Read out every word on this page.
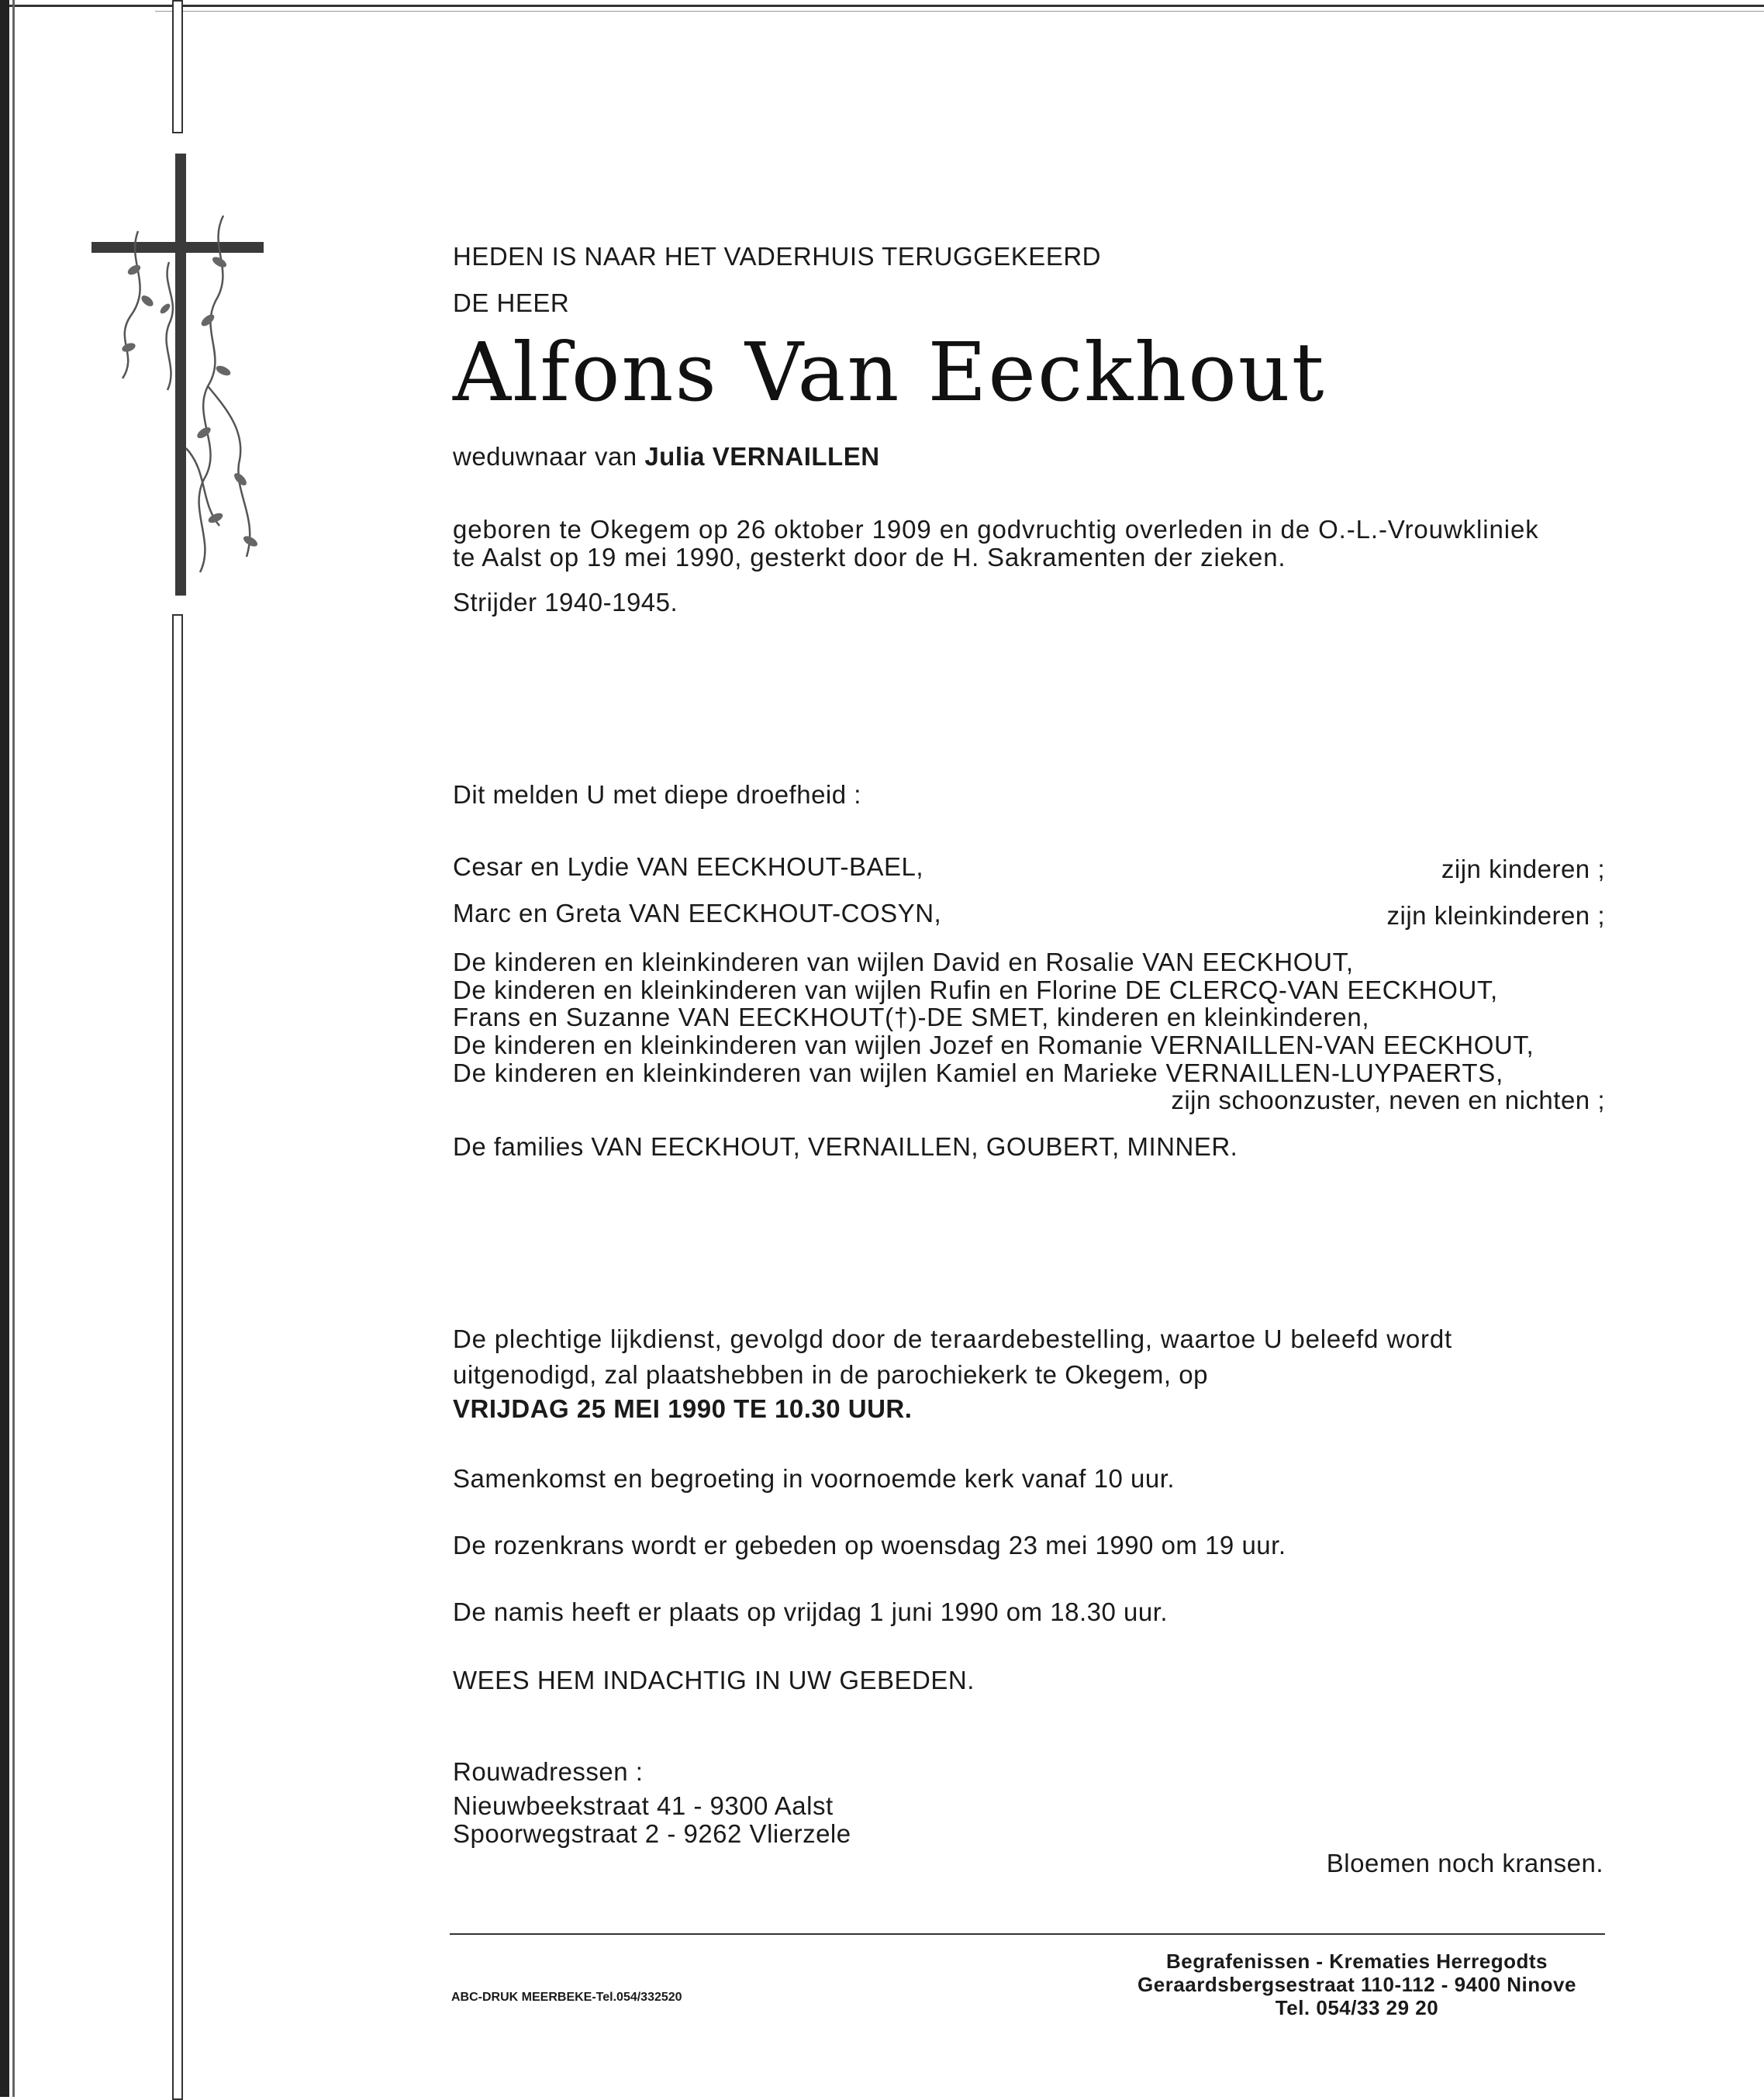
HEDEN IS NAAR HET VADERHUIS TERUGGEKEERD
DE HEER
Alfons Van Eeckhout
weduwnaar van Julia VERNAILLEN
geboren te Okegem op 26 oktober 1909 en godvruchtig overleden in de O.-L.-Vrouwkliniek
te Aalst op 19 mei 1990, gesterkt door de H. Sakramenten der zieken.
Strijder 1940-1945.
Dit melden U met diepe droefheid :
Cesar en Lydie VAN EECKHOUT-BAEL,	zijn kinderen ;
Marc en Greta VAN EECKHOUT-COSYN,	zijn kleinkinderen ;
De kinderen en kleinkinderen van wijlen David en Rosalie VAN EECKHOUT,
De kinderen en kleinkinderen van wijlen Rufin en Florine DE CLERCQ-VAN EECKHOUT,
Frans en Suzanne VAN EECKHOUT(†)-DE SMET, kinderen en kleinkinderen,
De kinderen en kleinkinderen van wijlen Jozef en Romanie VERNAILLEN-VAN EECKHOUT,
De kinderen en kleinkinderen van wijlen Kamiel en Marieke VERNAILLEN-LUYPAERTS,
zijn schoonzuster, neven en nichten ;
De families VAN EECKHOUT, VERNAILLEN, GOUBERT, MINNER.
De plechtige lijkdienst, gevolgd door de teraardebestelling, waartoe U beleefd wordt
uitgenodigd, zal plaatshebben in de parochiekerk te Okegem, op
VRIJDAG 25 MEI 1990 TE 10.30 UUR.
Samenkomst en begroeting in voornoemde kerk vanaf 10 uur.
De rozenkrans wordt er gebeden op woensdag 23 mei 1990 om 19 uur.
De namis heeft er plaats op vrijdag 1 juni 1990 om 18.30 uur.
WEES HEM INDACHTIG IN UW GEBEDEN.
Rouwadressen :
Nieuwbeekstraat 41 - 9300 Aalst
Spoorwegstraat 2 - 9262 Vlierzele
Bloemen noch kransen.
ABC-DRUK MEERBEKE-Tel.054/332520
Begrafenissen - Krematies Herregodts
Geraardsbergsestraat 110-112 - 9400 Ninove
Tel. 054/33 29 20
